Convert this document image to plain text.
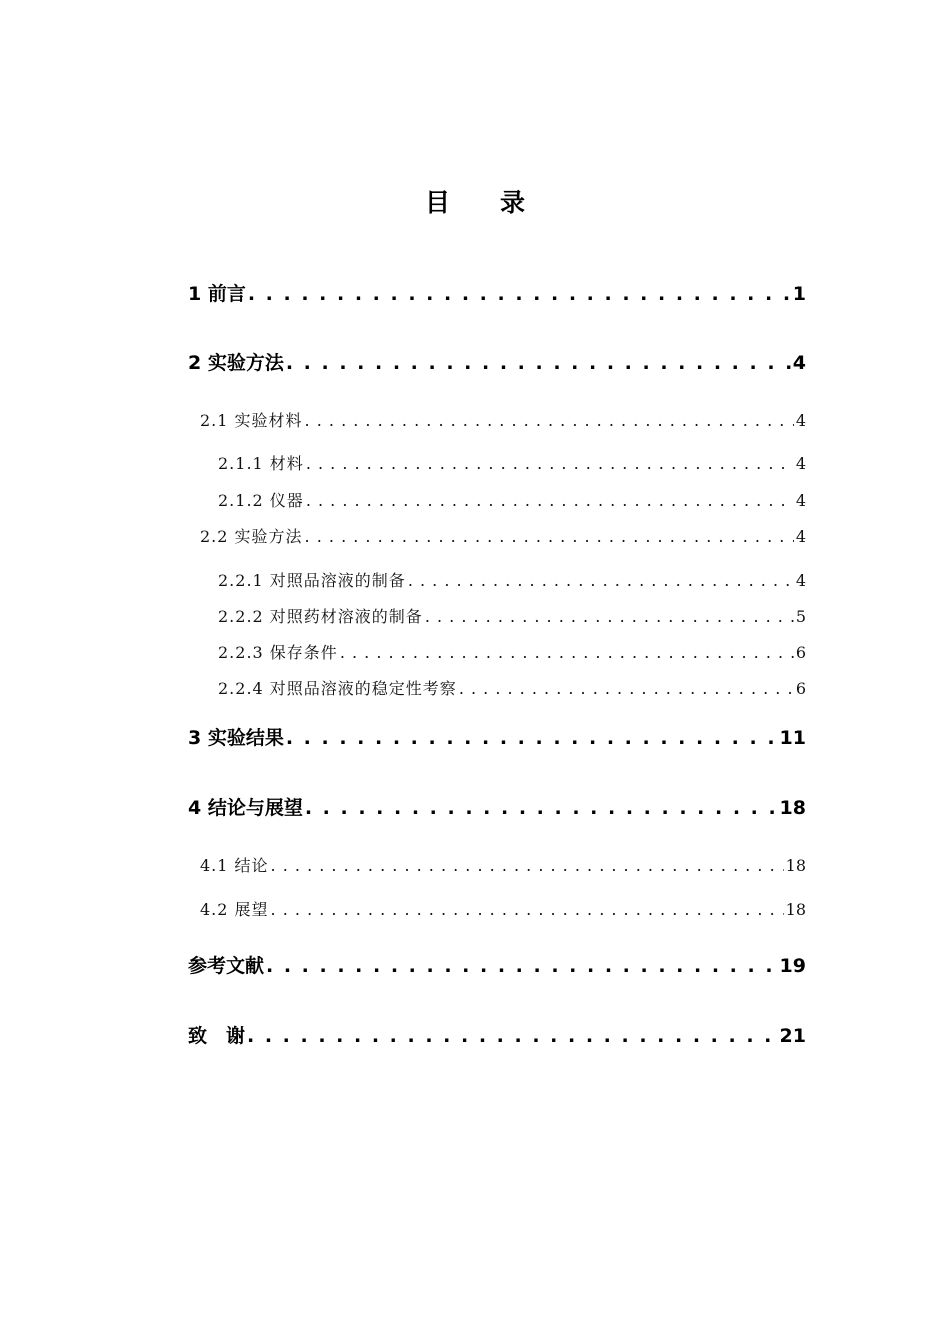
目　　录
1 前言 . . .	1
2 实验方法 . . .	4
2.1 实验材料 . . .	4
2.1.1 材料 . . .	4
2.1.2 仪器 . . .	4
2.2 实验方法 . . .	4
2.2.1 对照品溶液的制备 . . .	4
2.2.2 对照药材溶液的制备 . . .	5
2.2.3 保存条件 . . .	6
2.2.4 对照品溶液的稳定性考察 . . .	6
3 实验结果 . . .	11
4 结论与展望 . . .	18
4.1 结论 . . .	18
4.2 展望 . . .	18
参考文献 . . .	19
致　谢 . . .	21
